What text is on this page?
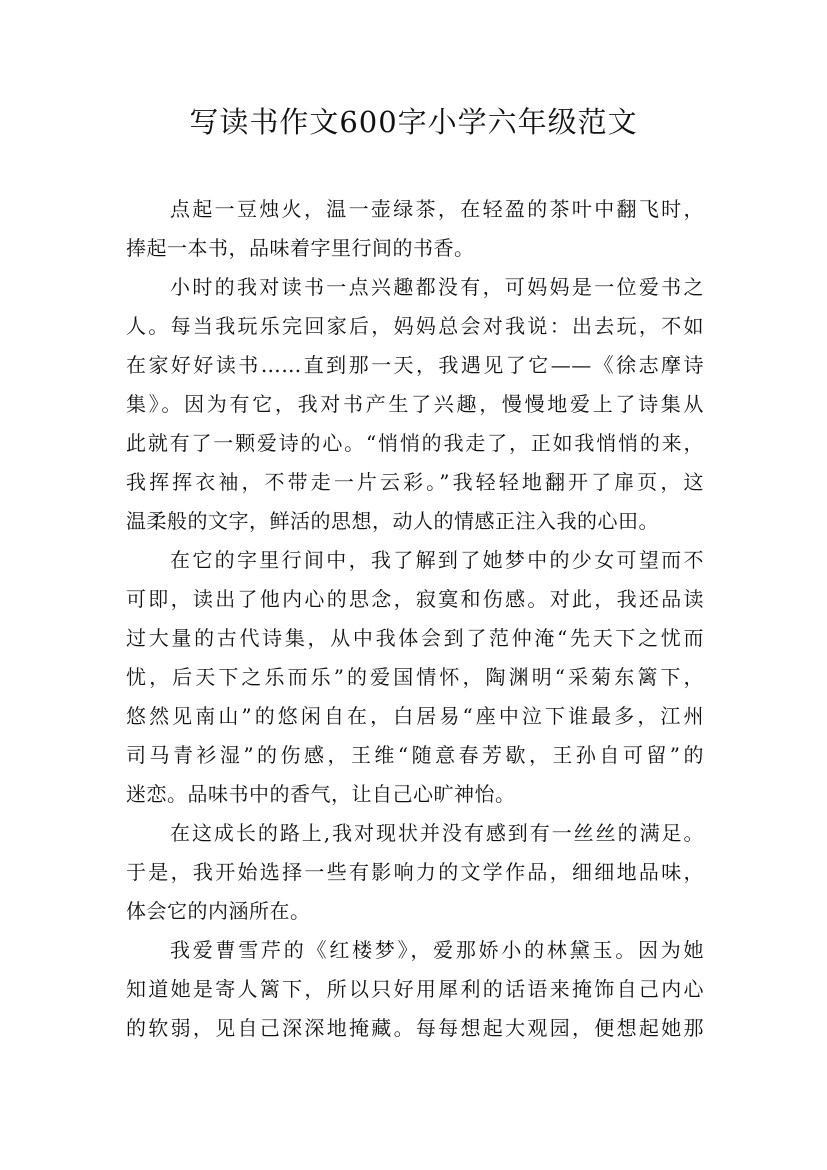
写读书作文600字小学六年级范文
点起一豆烛火，温一壶绿茶，在轻盈的茶叶中翻飞时，
捧起一本书，品味着字里行间的书香。
小时的我对读书一点兴趣都没有，可妈妈是一位爱书之
人。每当我玩乐完回家后，妈妈总会对我说：出去玩，不如
在家好好读书……直到那一天，我遇见了它——《徐志摩诗
集》。因为有它，我对书产生了兴趣，慢慢地爱上了诗集从
此就有了一颗爱诗的心。“悄悄的我走了，正如我悄悄的来，
我挥挥衣袖，不带走一片云彩。”我轻轻地翻开了扉页，这
温柔般的文字，鲜活的思想，动人的情感正注入我的心田。
在它的字里行间中，我了解到了她梦中的少女可望而不
可即，读出了他内心的思念，寂寞和伤感。对此，我还品读
过大量的古代诗集，从中我体会到了范仲淹“先天下之忧而
忧，后天下之乐而乐”的爱国情怀，陶渊明“采菊东篱下，
悠然见南山”的悠闲自在，白居易“座中泣下谁最多，江州
司马青衫湿”的伤感，王维“随意春芳歇，王孙自可留”的
迷恋。品味书中的香气，让自己心旷神怡。
在这成长的路上,我对现状并没有感到有一丝丝的满足。
于是，我开始选择一些有影响力的文学作品，细细地品味，
体会它的内涵所在。
我爱曹雪芹的《红楼梦》，爱那娇小的林黛玉。因为她
知道她是寄人篱下，所以只好用犀利的话语来掩饰自己内心
的软弱，见自己深深地掩藏。每每想起大观园，便想起她那
